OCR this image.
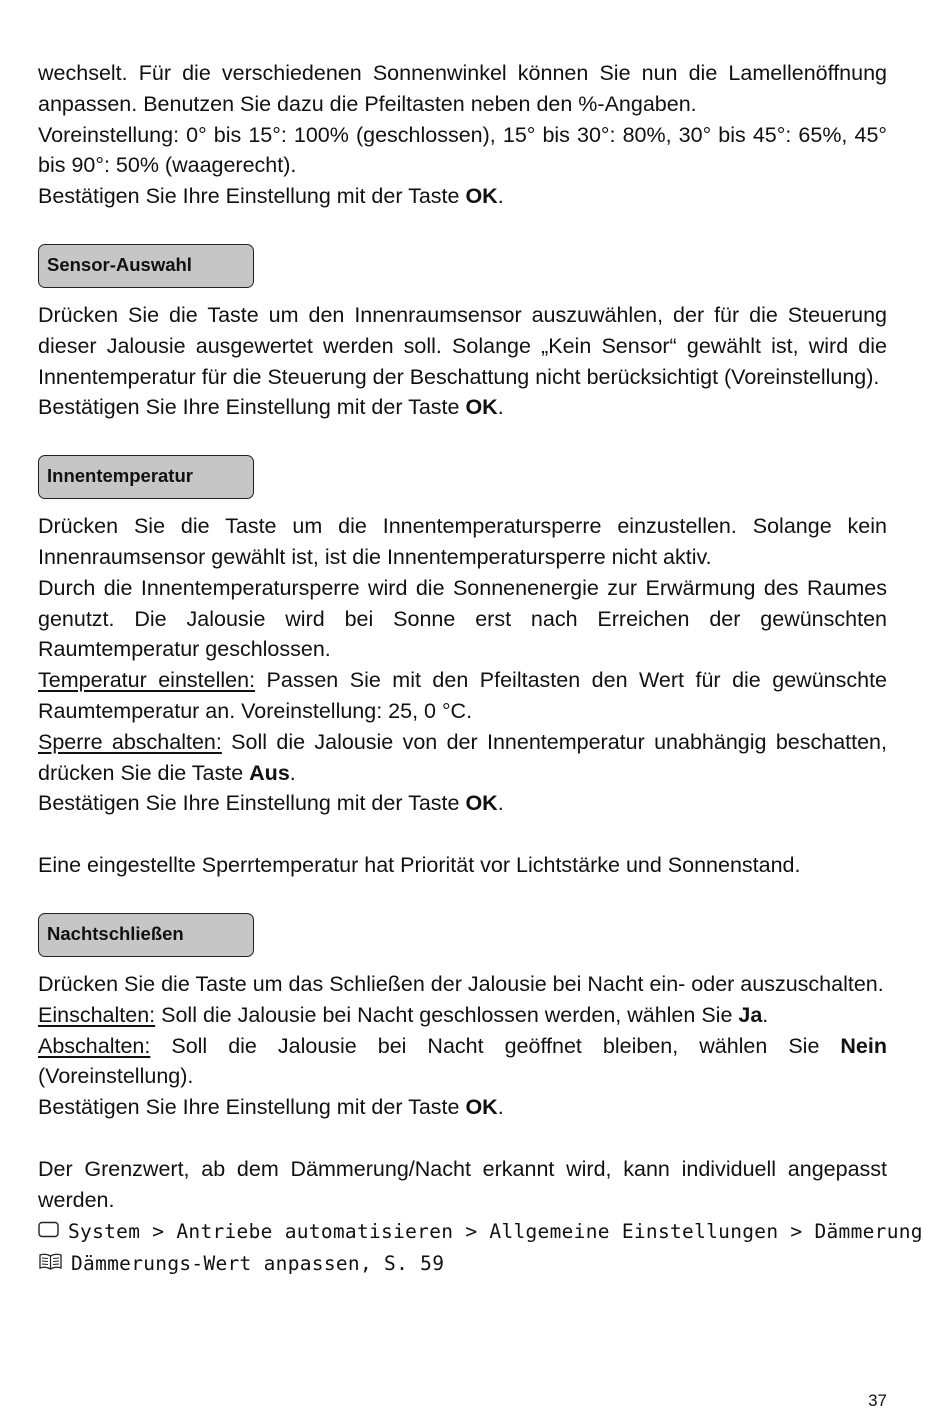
wechselt. Für die verschiedenen Sonnenwinkel können Sie nun die Lamellenöffnung anpassen. Benutzen Sie dazu die Pfeiltasten neben den %-Angaben.

Voreinstellung: 0° bis 15°: 100% (geschlossen), 15° bis 30°: 80%, 30° bis 45°: 65%, 45° bis 90°: 50% (waagerecht).

Bestätigen Sie Ihre Einstellung mit der Taste OK.

Sensor-Auswahl

Drücken Sie die Taste um den Innenraumsensor auszuwählen, der für die Steuerung dieser Jalousie ausgewertet werden soll. Solange „Kein Sensor“ gewählt ist, wird die Innentemperatur für die Steuerung der Beschattung nicht berücksichtigt (Voreinstellung).

Bestätigen Sie Ihre Einstellung mit der Taste OK.

Innentemperatur

Drücken Sie die Taste um die Innentemperatursperre einzustellen. Solange kein Innenraumsensor gewählt ist, ist die Innentemperatursperre nicht aktiv.

Durch die Innentemperatursperre wird die Sonnenenergie zur Erwärmung des Raumes genutzt. Die Jalousie wird bei Sonne erst nach Erreichen der gewünschten Raumtemperatur geschlossen.

Temperatur einstellen: Passen Sie mit den Pfeiltasten den Wert für die gewünschte Raumtemperatur an. Voreinstellung: 25, 0 °C.

Sperre abschalten: Soll die Jalousie von der Innentemperatur unabhängig beschatten, drücken Sie die Taste Aus.

Bestätigen Sie Ihre Einstellung mit der Taste OK.

Eine eingestellte Sperrtemperatur hat Priorität vor Lichtstärke und Sonnenstand.

Nachtschließen

Drücken Sie die Taste um das Schließen der Jalousie bei Nacht ein- oder auszuschalten.

Einschalten: Soll die Jalousie bei Nacht geschlossen werden, wählen Sie Ja.

Abschalten: Soll die Jalousie bei Nacht geöffnet bleiben, wählen Sie Nein (Voreinstellung).

Bestätigen Sie Ihre Einstellung mit der Taste OK.

Der Grenzwert, ab dem Dämmerung/Nacht erkannt wird, kann individuell angepasst werden.

System > Antriebe automatisieren > Allgemeine Einstellungen > Dämmerung
Dämmerungs-Wert anpassen, S. 59
37
